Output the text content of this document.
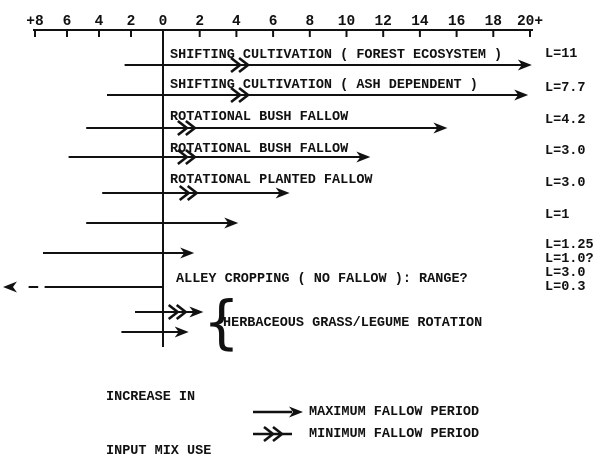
+8 6 4 2 0 2 4 6 8 10 12 14 16 18 20+
SHIFTING CULTIVATION ( FOREST ECOSYSTEM )
SHIFTING CULTIVATION ( ASH DEPENDENT )
ROTATIONAL BUSH FALLOW
ROTATIONAL BUSH FALLOW
ROTATIONAL PLANTED FALLOW
ALLEY CROPPING ( NO FALLOW ): RANGE?
L=11
L=7.7
L=4.2
L=3.0
L=3.0
L=1
L=1.25
L=1.0?
L=3.0
L=0.3
{
HERBACEOUS GRASS/LEGUME ROTATION

INCREASE IN

INPUT MIX USE

MAXIMUM FALLOW PERIOD
MINIMUM FALLOW PERIOD
